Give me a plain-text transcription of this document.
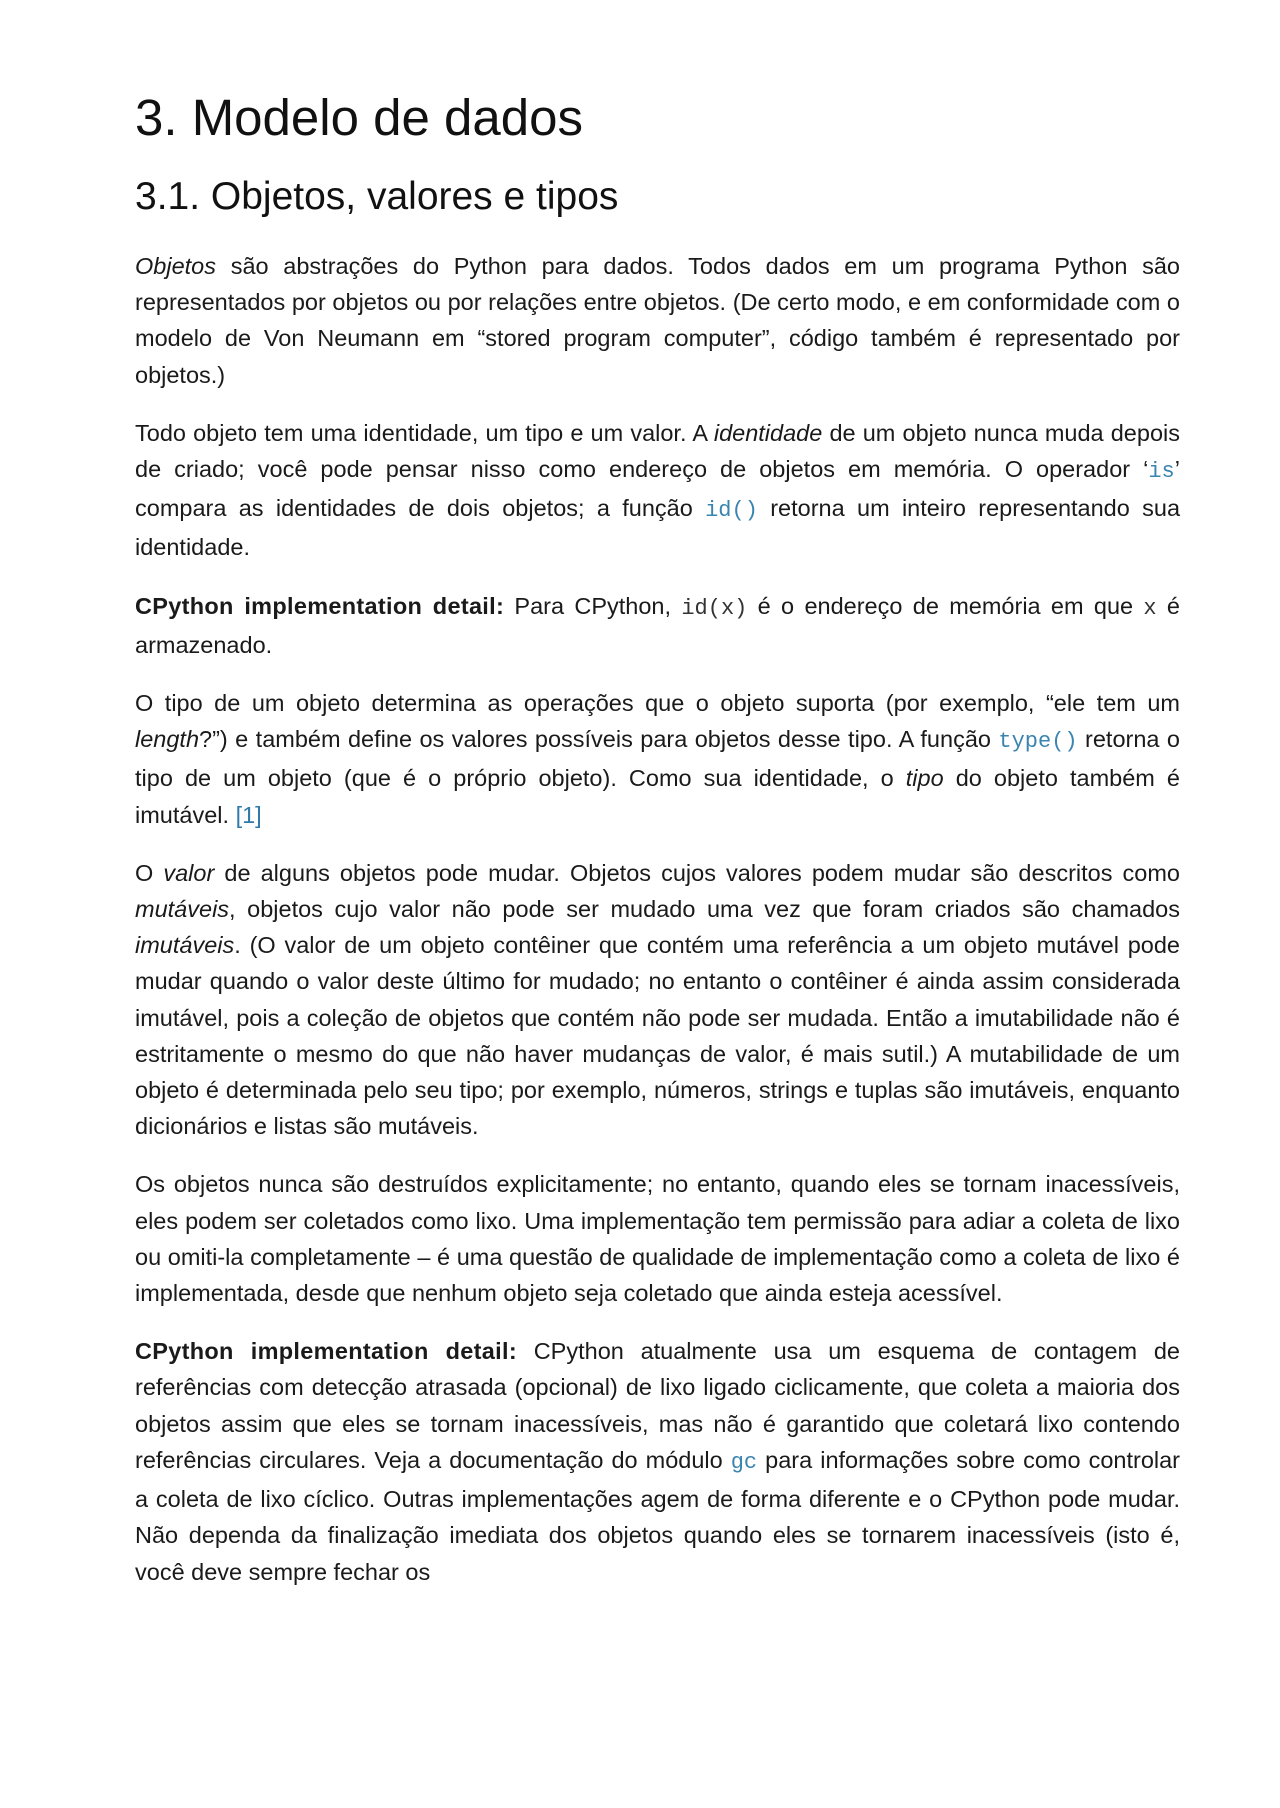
3. Modelo de dados
3.1. Objetos, valores e tipos

Objetos são abstrações do Python para dados. Todos dados em um programa Python são representados por objetos ou por relações entre objetos. (De certo modo, e em conformidade com o modelo de Von Neumann em “stored program computer”, código também é representado por objetos.)

Todo objeto tem uma identidade, um tipo e um valor. A identidade de um objeto nunca muda depois de criado; você pode pensar nisso como endereço de objetos em memória. O operador ‘is’ compara as identidades de dois objetos; a função id() retorna um inteiro representando sua identidade.

CPython implementation detail: Para CPython, id(x) é o endereço de memória em que x é armazenado.

O tipo de um objeto determina as operações que o objeto suporta (por exemplo, “ele tem um length?”) e também define os valores possíveis para objetos desse tipo. A função type() retorna o tipo de um objeto (que é o próprio objeto). Como sua identidade, o tipo do objeto também é imutável. [1]

O valor de alguns objetos pode mudar. Objetos cujos valores podem mudar são descritos como mutáveis, objetos cujo valor não pode ser mudado uma vez que foram criados são chamados imutáveis. (O valor de um objeto contêiner que contém uma referência a um objeto mutável pode mudar quando o valor deste último for mudado; no entanto o contêiner é ainda assim considerada imutável, pois a coleção de objetos que contém não pode ser mudada. Então a imutabilidade não é estritamente o mesmo do que não haver mudanças de valor, é mais sutil.) A mutabilidade de um objeto é determinada pelo seu tipo; por exemplo, números, strings e tuplas são imutáveis, enquanto dicionários e listas são mutáveis.

Os objetos nunca são destruídos explicitamente; no entanto, quando eles se tornam inacessíveis, eles podem ser coletados como lixo. Uma implementação tem permissão para adiar a coleta de lixo ou omiti-la completamente – é uma questão de qualidade de implementação como a coleta de lixo é implementada, desde que nenhum objeto seja coletado que ainda esteja acessível.

CPython implementation detail: CPython atualmente usa um esquema de contagem de referências com detecção atrasada (opcional) de lixo ligado ciclicamente, que coleta a maioria dos objetos assim que eles se tornam inacessíveis, mas não é garantido que coletará lixo contendo referências circulares. Veja a documentação do módulo gc para informações sobre como controlar a coleta de lixo cíclico. Outras implementações agem de forma diferente e o CPython pode mudar. Não dependa da finalização imediata dos objetos quando eles se tornarem inacessíveis (isto é, você deve sempre fechar os
